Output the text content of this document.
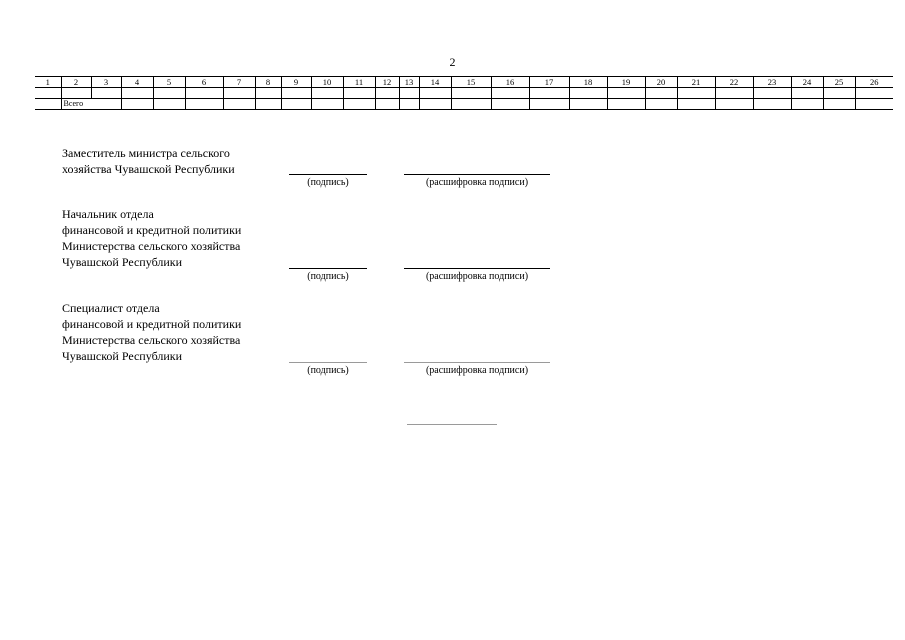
2
1	2	3	4	5	6	7	8	9	10	11	12	13	14	15	16	17	18	19	20	21	22	23	24	25	26

	Всего																								
Заместитель министра сельского
хозяйства Чувашской Республики
(подпись)	(расшифровка подписи)
Начальник отдела
финансовой и кредитной политики
Министерства сельского хозяйства
Чувашской Республики
(подпись)	(расшифровка подписи)
Специалист отдела
финансовой и кредитной политики
Министерства сельского хозяйства
Чувашской Республики
(подпись)	(расшифровка подписи)
